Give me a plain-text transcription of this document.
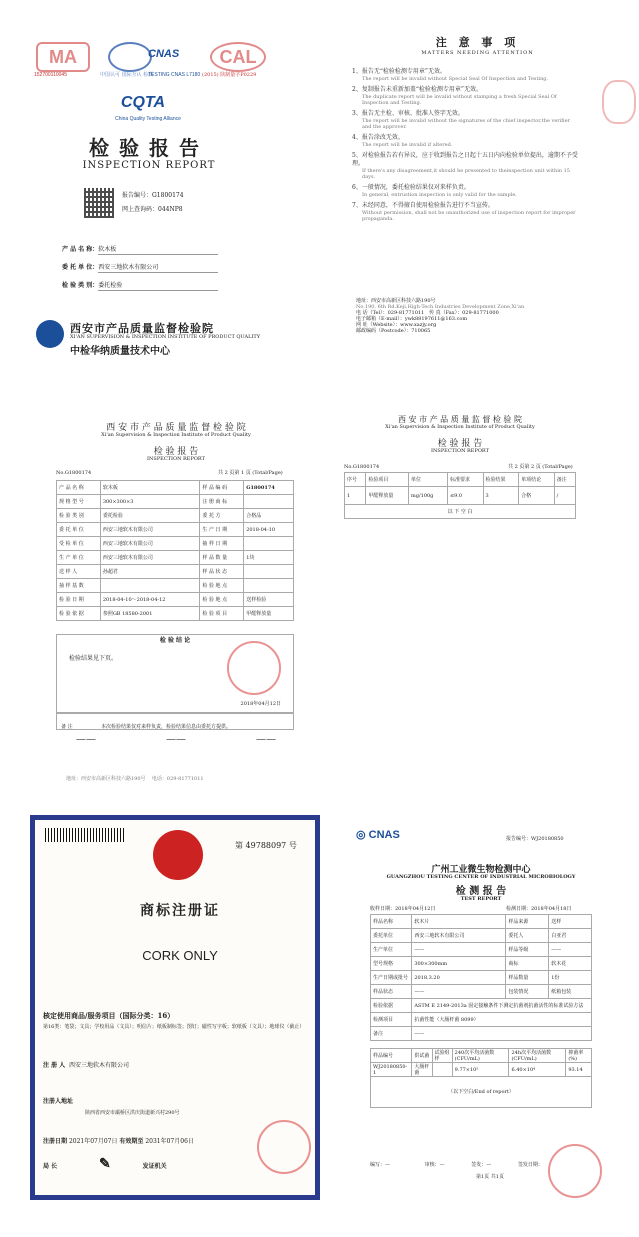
MA
152700110045	中国认可 国际互认 检测
CNAS
TESTING CNAS L7180
CAL
(2015) 陕制量字P0229
CQTA
China Quality Testing Alliance
检验报告
INSPECTION REPORT
报告编号：G1800174
网上查询码：044NP8
产 品 名 称：软木板
委 托 单 位：西安三地软木有限公司
检 验 类 别：委托检验
西安市产品质量监督检验院
XI'AN SUPERVISION & INSPECTION INSTITUTE OF PRODUCT QUALITY
中检华纳质量技术中心
注 意 事 项
MATTERS NEEDING ATTENTION
1、报告无“检验检测专用章”无效。
The report will be invalid without Special Seal Of Inspection and Testing.
2、复制报告未重新加盖“检验检测专用章”无效。
The duplicate report will be invalid without stamping a fresh Special Seal Of Inspection and Testing.
3、报告无主检、审核、批准人签字无效。
The report will be invalid without the signatures of the chief inspector,the verifier and the approver.
4、报告涂改无效。
The report will be invalid if altered.
5、对检验报告若有异议，应于收到报告之日起十五日内向检验单位提出，逾期不予受理。
If there's any disagreement,it should be presented to theinspection unit within 15 days.
6、一般情况，委托检验结果仅对来样负责。
In general, entrustion inspection is only valid for the sample.
7、未经同意，不得擅自使用检验报告进行不当宣传。
Without permission, shall not be unauthorized use of inspection report for improper propaganda.
地址：西安市高新区科技六路190号
No.190, 6th Rd.Keji,High-Tech Industries Development Zone,Xi'an
电 话（Tel）：029-81771011 传 真（Fax）：029-81771000
电子邮箱（E-mail）：ywk88197611@163.com
网 址（Website）：www.xazjy.org
邮政编码（Postcode）：710065
西 安 市 产 品 质 量 监 督 检 验 院
Xi'an Supervision & Inspection Institute of Product Quality
检 验 报 告
INSPECTION REPORT
No.G1800174	共 2 页第 1 页 (Total/Page)
产 品 名 称	软木板	样 品 编 码	G1800174
规 格 型 号	300×300×3	注 册 商 标	
检 验 类 别	委托检验	委 托 方	合格品
委 托 单 位	西安三地软木有限公司	生 产 日 期	2018-04-10
受 检 单 位	西安三地软木有限公司	抽 样 日 期	
生 产 单 位	西安三地软木有限公司	样 品 数 量	1块
送 样 人	孙超君	样 品 状 态	
抽 样 基 数		检 验 地 点	
检 验 日 期	2018-04-10～2018-04-12	检 验 地 点	送样检验
检 验 依 据	参照GB 18580-2001	检 验 项 目	甲醛释放量
检 验 结 论
检验结果见下页。
2018年04月12日
备 注	本次检验结果仅对来样负责，检验结果信息由委托方提供。
——	——	——
地址：西安市高新区科技六路190号 电话：029-81771011
西 安 市 产 品 质 量 监 督 检 验 院
Xi'an Supervision & Inspection Institute of Product Quality
检 验 报 告
INSPECTION REPORT
No.G1800174	共 2 页第 2 页 (Total/Page)
序号	检验项目	单位	标准要求	检验结果	单项结论	备注
1	甲醛释放量	mg/100g	≤9.0	3	合格	/
以 下 空 白						
第 49788097 号
商标注册证
CORK ONLY
核定使用商品/服务项目（国际分类：16）
第16类：笔袋；文具；学校用品（文具）；明信片；纸板制标签；图钉；磁性写字板；软纸板（文具）；地球仪（截止）
注 册 人 西安三地软木有限公司
注册人地址
陕西省西安市灞桥区洪庆街道新兴村290号
注册日期 2021年07月07日 有效期至 2031年07月06日
局 长	✎	发证机关
◎ CNAS	报告编号：WJ20180850
广州工业微生物检测中心
GUANGZHOU TESTING CENTER OF INDUSTRIAL MICROBIOLOGY
检 测 报 告
TEST REPORT
收样日期：2018年04月12日	检测日期：2018年04月18日
样品名称	软木片	样品来源	送样
委托单位	西安三地软木有限公司	委托人	白亚君
生产单位	——	样品等级	——
型号规格	300×300mm	商标	软木花
生产日期或批号	2018.3.20	样品数量	1份
样品状态	——	包装情况	纸箱包装
检验依据	ASTM E 2149-2013a 固定接触条件下测定抗菌剂抗菌活性的标准试验方法		
检测项目	抗菌性能（大肠杆菌 8099）		
备注	——		
样品编号	供试菌	试验组样	240次平均活菌数(CFU/mL)	24h次平均活菌数(CFU/mL)	抑菌率(%)
WJ20180850-1	大肠杆菌		9.77×10⁵	6.40×10⁴	93.14
（以下空白/End of report）					
编写：—	审核：—	签发：—	签发日期：
第1页 共1页
